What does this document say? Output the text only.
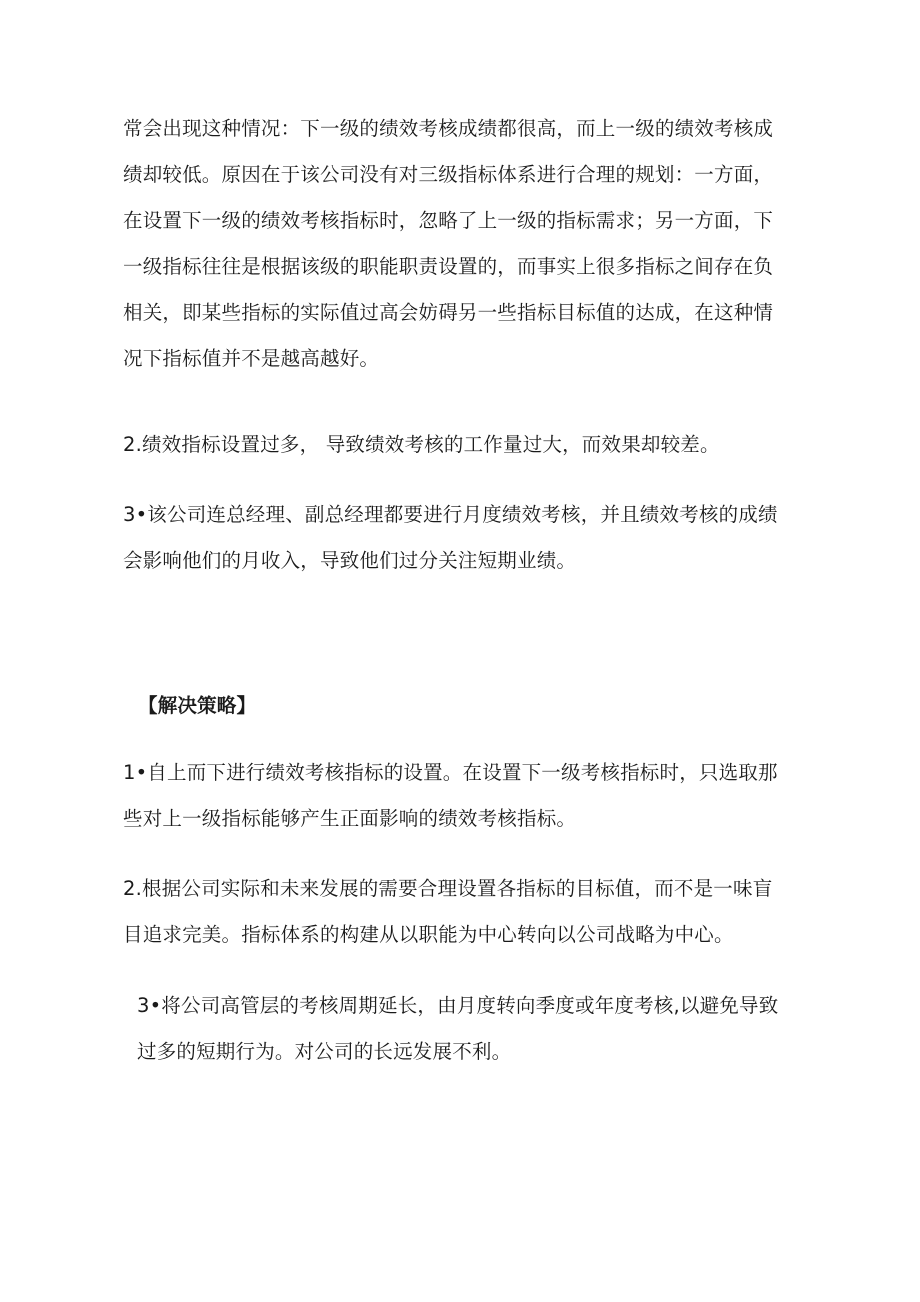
常会出现这种情况：下一级的绩效考核成绩都很高，而上一级的绩效考核成
绩却较低。原因在于该公司没有对三级指标体系进行合理的规划：一方面，
在设置下一级的绩效考核指标时，忽略了上一级的指标需求；另一方面，下
一级指标往往是根据该级的职能职责设置的，而事实上很多指标之间存在负
相关，即某些指标的实际值过高会妨碍另一些指标目标值的达成，在这种情
况下指标值并不是越高越好。

2.绩效指标设置过多， 导致绩效考核的工作量过大，而效果却较差。

3•该公司连总经理、副总经理都要进行月度绩效考核，并且绩效考核的成绩
会影响他们的月收入，导致他们过分关注短期业绩。

【解决策略】

1•自上而下进行绩效考核指标的设置。在设置下一级考核指标时，只选取那
些对上一级指标能够产生正面影响的绩效考核指标。

2.根据公司实际和未来发展的需要合理设置各指标的目标值，而不是一味盲
目追求完美。指标体系的构建从以职能为中心转向以公司战略为中心。

3•将公司高管层的考核周期延长，由月度转向季度或年度考核,以避免导致
过多的短期行为。对公司的长远发展不利。
